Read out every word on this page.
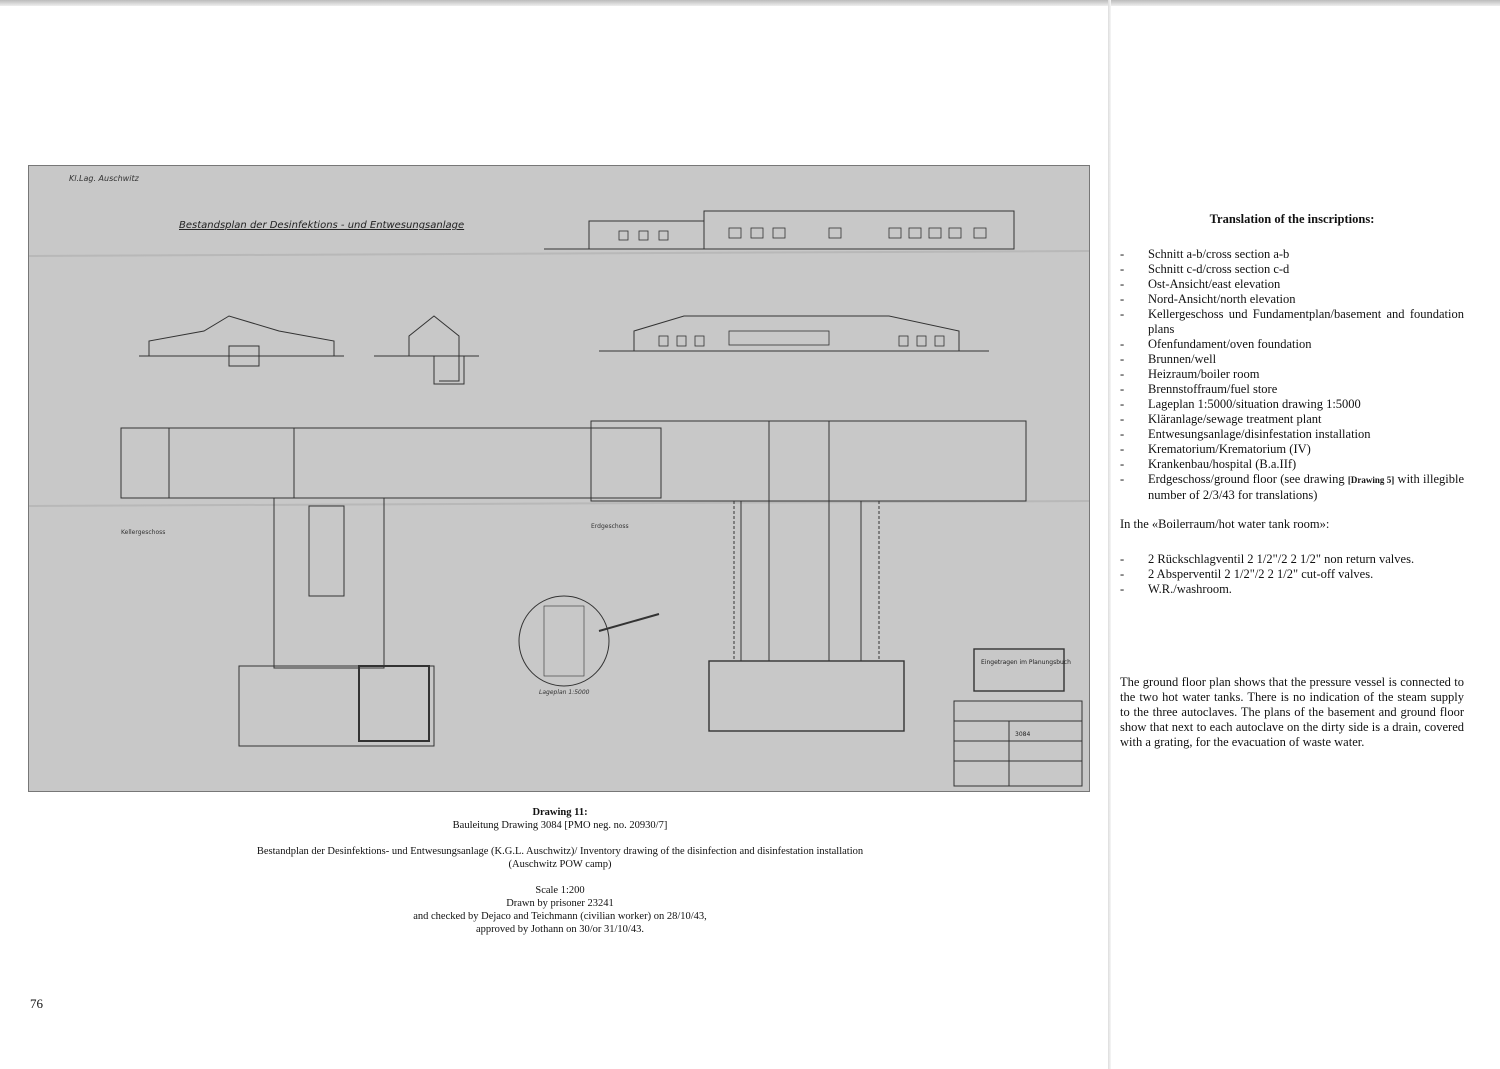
Kl.Lag. Auschwitz
Bestandsplan der Desinfektions - und Entwesungsanlage
Kellergeschoss
Lageplan 1:5000
Erdgeschoss
Eingetragen im Planungsbuch
3084
Drawing 11:
Bauleitung Drawing 3084 [PMO neg. no. 20930/7]
Bestandplan der Desinfektions- und Entwesungsanlage (K.G.L. Auschwitz)/ Inventory drawing of the disinfection and disinfestation installation
(Auschwitz POW camp)
Scale 1:200
Drawn by prisoner 23241
and checked by Dejaco and Teichmann (civilian worker) on 28/10/43,
approved by Jothann on 30/or 31/10/43.
76
Translation of the inscriptions:
- Schnitt a-b/cross section a-b
- Schnitt c-d/cross section c-d
- Ost-Ansicht/east elevation
- Nord-Ansicht/north elevation
- Kellergeschoss und Fundamentplan/basement and foundation plans
- Ofenfundament/oven foundation
- Brunnen/well
- Heizraum/boiler room
- Brennstoffraum/fuel store
- Lageplan 1:5000/situation drawing 1:5000
- Kläranlage/sewage treatment plant
- Entwesungsanlage/disinfestation installation
- Krematorium/Krematorium (IV)
- Krankenbau/hospital (B.a.IIf)
- Erdgeschoss/ground floor (see drawing [Drawing 5] with illegible number of 2/3/43 for translations)
In the «Boilerraum/hot water tank room»:
- 2 Rückschlagventil 2 1/2"/2 2 1/2" non return valves.
- 2 Absperventil 2 1/2"/2 2 1/2" cut-off valves.
- W.R./washroom.
The ground floor plan shows that the pressure vessel is connected to the two hot water tanks. There is no indication of the steam supply to the three autoclaves. The plans of the basement and ground floor show that next to each autoclave on the dirty side is a drain, covered with a grating, for the evacuation of waste water.
